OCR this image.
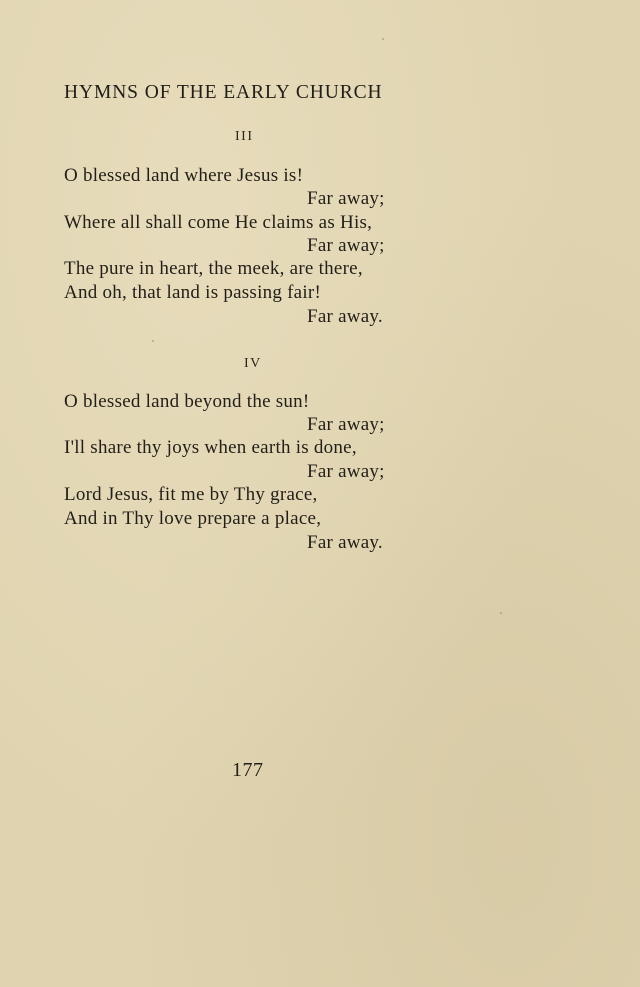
HYMNS OF THE EARLY CHURCH
III
O blessed land where Jesus is!
Far away;
Where all shall come He claims as His,
Far away;
The pure in heart, the meek, are there,
And oh, that land is passing fair!
Far away.
IV
O blessed land beyond the sun!
Far away;
I'll share thy joys when earth is done,
Far away;
Lord Jesus, fit me by Thy grace,
And in Thy love prepare a place,
Far away.
177
